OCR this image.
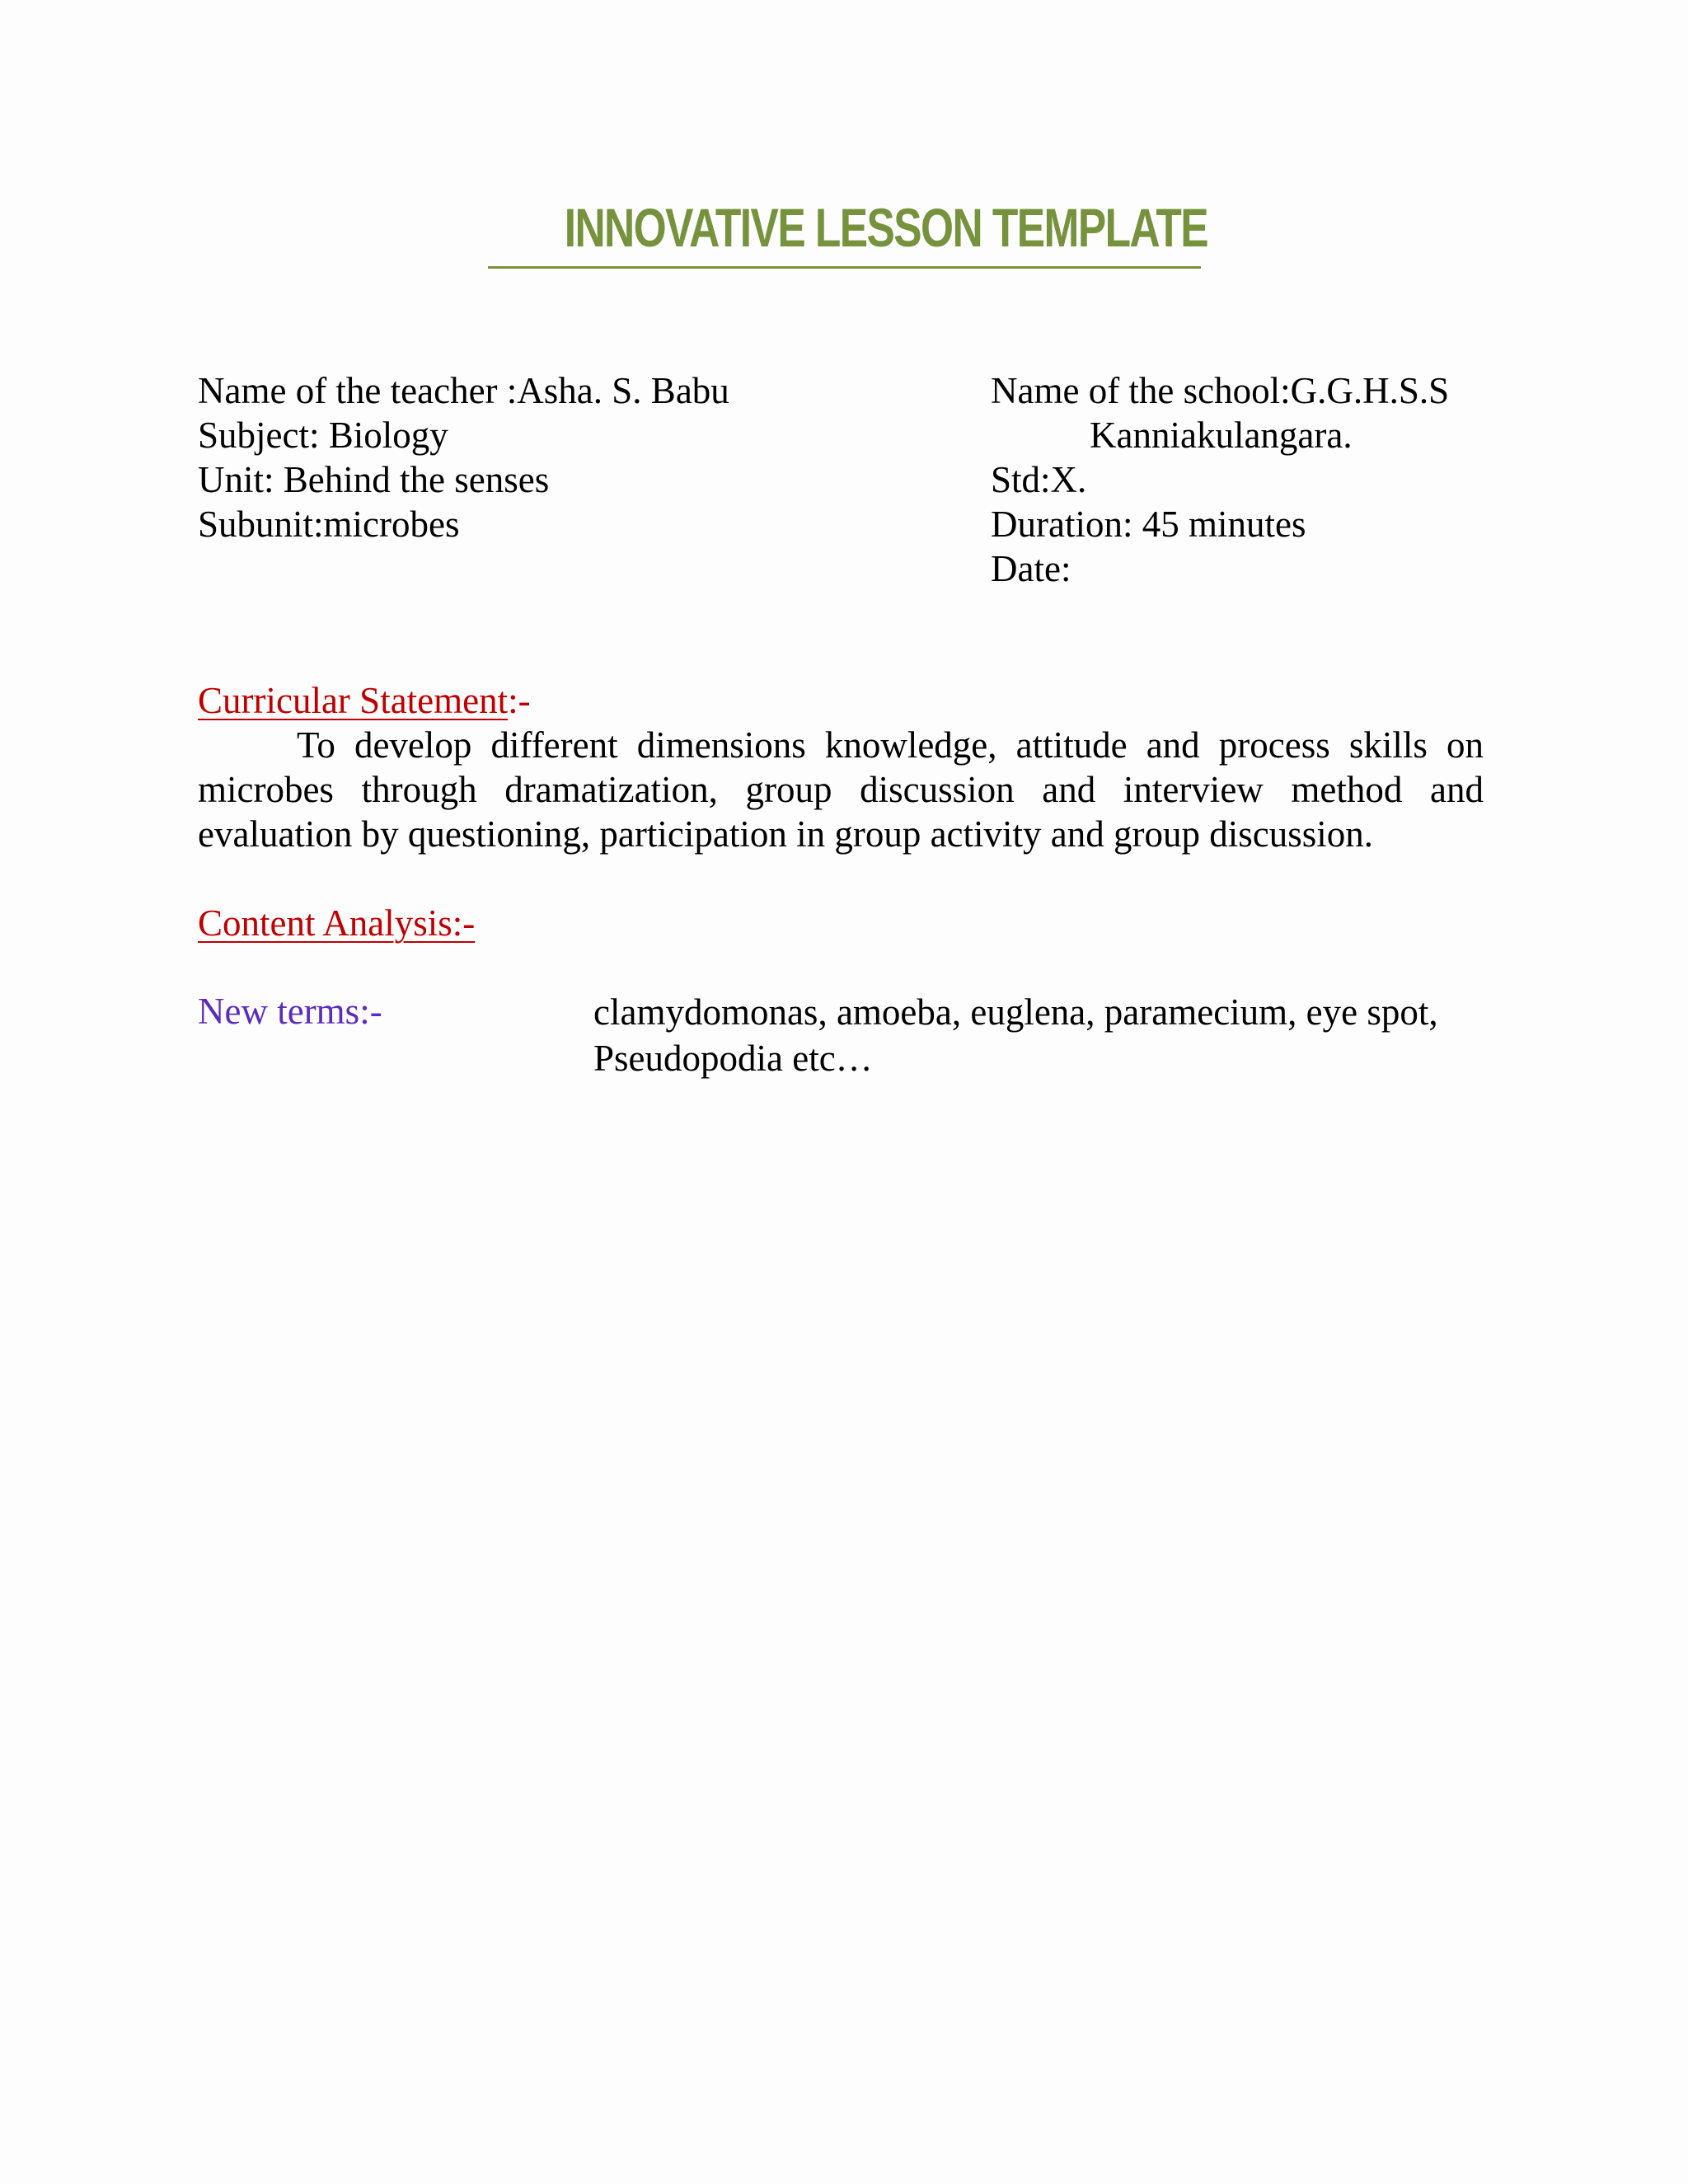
INNOVATIVE LESSON TEMPLATE
Name of the teacher :Asha. S. Babu
Subject: Biology
Unit: Behind the senses
Subunit:microbes
Name of the school:G.G.H.S.S
Kanniakulangara.
Std:X.
Duration: 45 minutes
Date:
Curricular Statement:-
To develop different dimensions knowledge, attitude and process skills on microbes through dramatization, group discussion and interview method and evaluation by questioning, participation in group activity and group discussion.
Content Analysis:-
New terms:-	clamydomonas, amoeba, euglena, paramecium, eye spot, Pseudopodia etc…
